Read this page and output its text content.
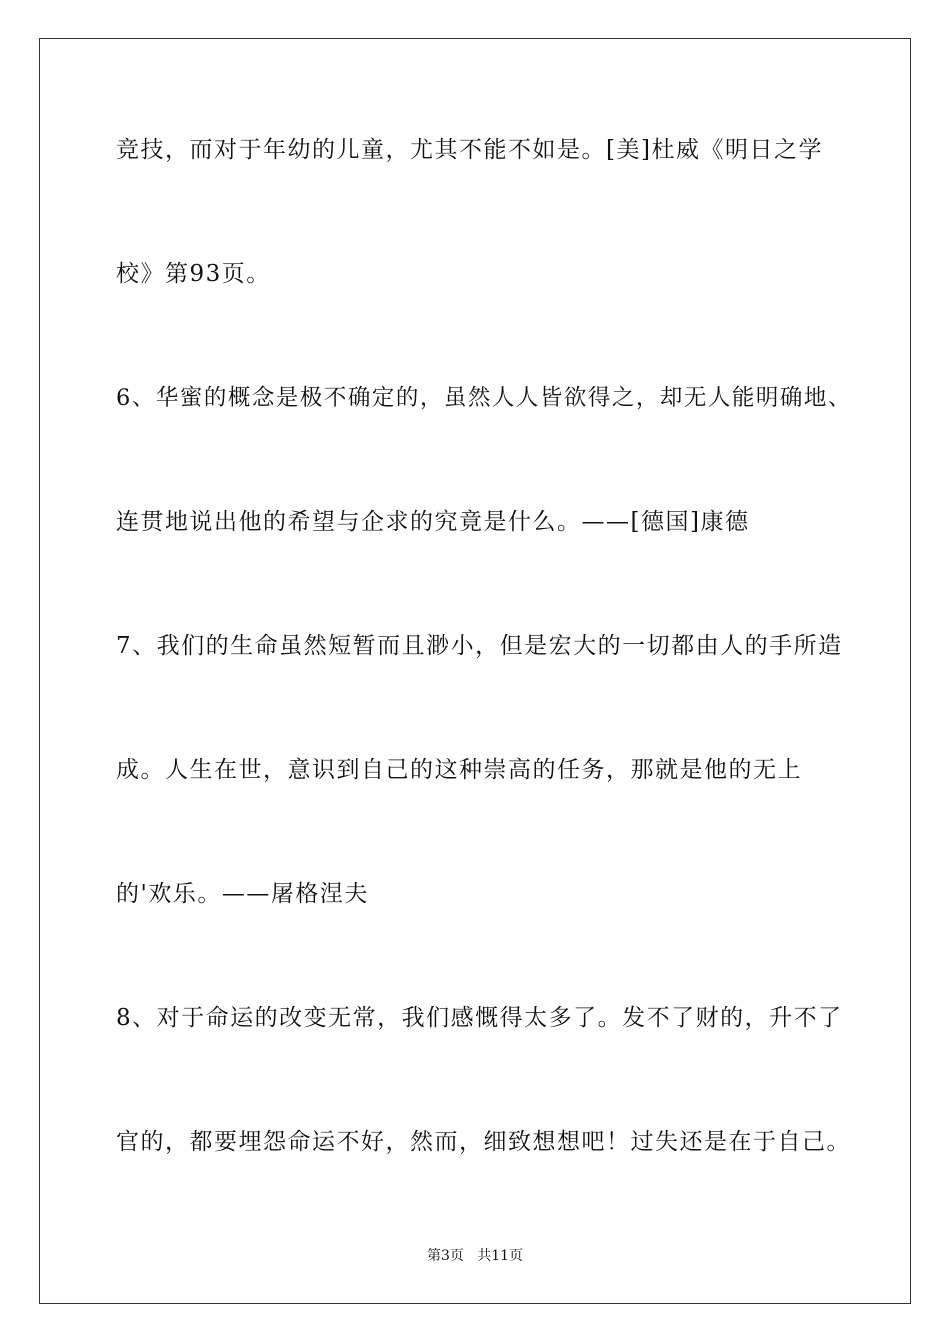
竞技，而对于年幼的儿童，尤其不能不如是。[美]杜威《明日之学
校》第93页。
6、华蜜的概念是极不确定的，虽然人人皆欲得之，却无人能明确地、
连贯地说出他的希望与企求的究竟是什么。——[德国]康德
7、我们的生命虽然短暂而且渺小，但是宏大的一切都由人的手所造
成。人生在世，意识到自己的这种崇高的任务，那就是他的无上
的'欢乐。——屠格涅夫
8、对于命运的改变无常，我们感慨得太多了。发不了财的，升不了
官的，都要埋怨命运不好，然而，细致想想吧！过失还是在于自己。
第3页   共11页
